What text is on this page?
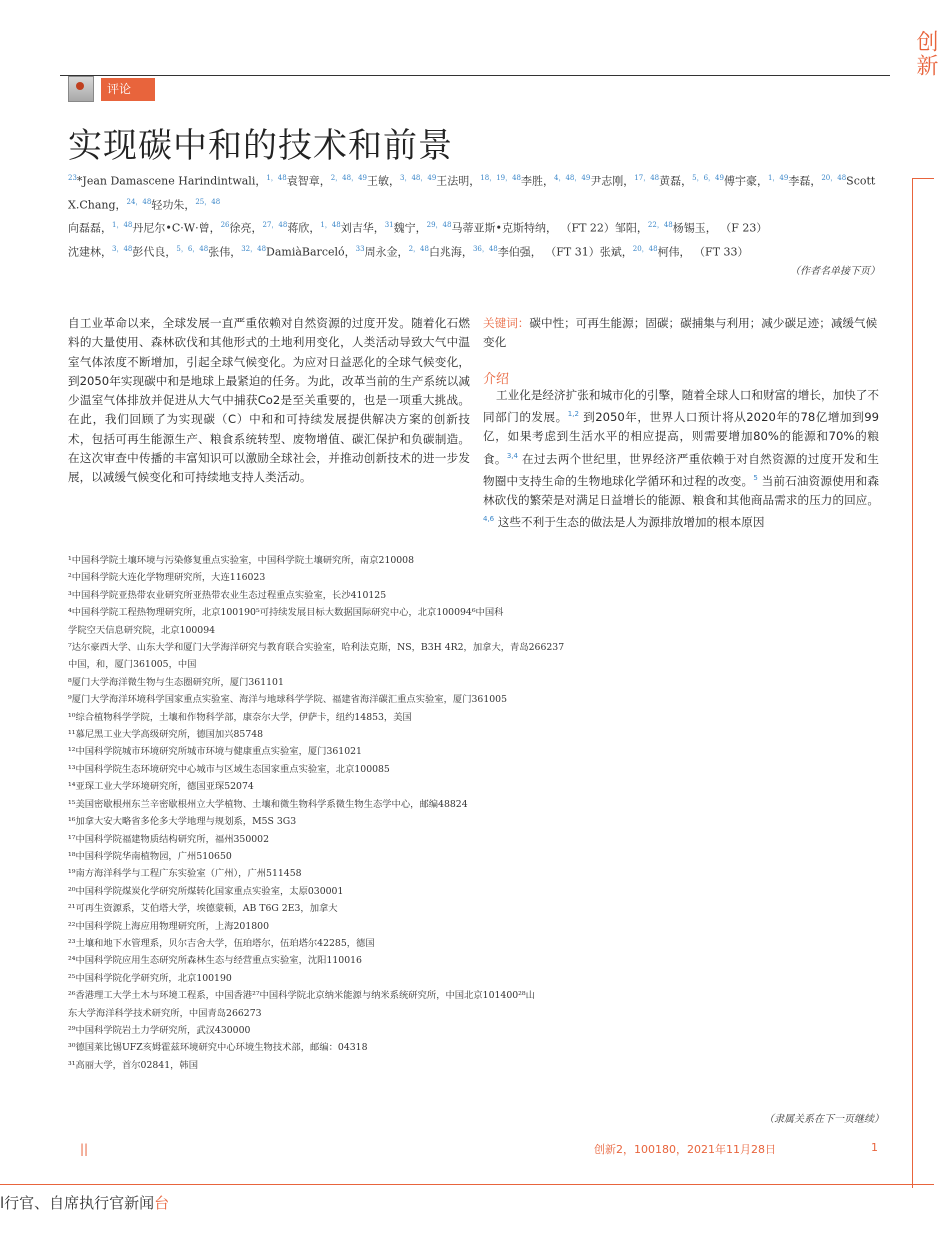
创新
评论
实现碳中和的技术和前景
$^{23}$*Jean Damascene Harindintwali，$^{1,48}$袁智章，$^{2,48,49}$王敏，$^{3,48,49}$王法明，$^{18,19,48}$李胜，$^{4,48,49}$尹志刚，$^{17,48}$黄磊，$^{5,6,49}$傅宇豪，$^{1,49}$李磊，$^{20,48}$Scott
X.Chang，$^{24,48}$轻功朱，$^{25,48}$
向磊磊，$^{1,48}$丹尼尔•C·W·曾，$^{26}$徐亮，$^{27,48}$蒋欣，$^{1,48}$刘吉华，$^{31}$魏宁，$^{29,48}$马蒂亚斯•克斯特纳， （FT 22）邹阳，$^{22,48}$杨锡玉， （F 23）
沈建林，$^{3,48}$彭代良，$^{5,6,48}$张伟，$^{32,48}$DamiàBarceló，$^{33}$周永金，$^{2,48}$白兆海，$^{36,48}$李伯强， （FT 31）张斌，$^{20,48}$柯伟， （FT 33）
（作者名单接下页）
自工业革命以来，全球发展一直严重依赖对自然资源的过度开发。随着化石燃料的大量使用、森林砍伐和其他形式的土地利用变化，人类活动导致大气中温室气体浓度不断增加，引起全球气候变化。为应对日益恶化的全球气候变化，到2050年实现碳中和是地球上最紧迫的任务。为此，改革当前的生产系统以减少温室气体排放并促进从大气中捕获Co2是至关重要的，也是一项重大挑战。在此，我们回顾了为实现碳（C）中和和可持续发展提供解决方案的创新技术，包括可再生能源生产、粮食系统转型、废物增值、碳汇保护和负碳制造。 在这次审查中传播的丰富知识可以激励全球社会，并推动创新技术的进一步发展，以减缓气候变化和可持续地支持人类活动。
关键词：碳中性；可再生能源；固碳；碳捕集与利用；减少碳足迹；减缓气候变化
介绍
工业化是经济扩张和城市化的引擎，随着全球人口和财富的增长，加快了不同部门的发展。$^{1,2}$ 到2050年，世界人口预计将从2020年的78亿增加到99亿，如果考虑到生活水平的相应提高，则需要增加80%的能源和70%的粮食。$^{3,4}$ 在过去两个世纪里，世界经济严重依赖于对自然资源的过度开发和生物圈中支持生命的生物地球化学循环和过程的改变。$^5$ 当前石油资源使用和森林砍伐的繁荣是对满足日益增长的能源、粮食和其他商品需求的压力的回应。$^{4,6}$ 这些不利于生态的做法是人为源排放增加的根本原因
¹中国科学院土壤环境与污染修复重点实验室，中国科学院土壤研究所，南京210008
²中国科学院大连化学物理研究所，大连116023
³中国科学院亚热带农业研究所亚热带农业生态过程重点实验室，长沙410125
⁴中国科学院工程热物理研究所，北京100190⁵可持续发展目标大数据国际研究中心，北京100094⁶中国科
学院空天信息研究院，北京100094
⁷达尔豪西大学、山东大学和厦门大学海洋研究与教育联合实验室，哈利法克斯，NS，B3H 4R2，加拿大，青岛266237
中国，和，厦门361005，中国
⁸厦门大学海洋微生物与生态圈研究所，厦门361101
⁹厦门大学海洋环境科学国家重点实验室、海洋与地球科学学院、福建省海洋碳汇重点实验室，厦门361005
¹⁰综合植物科学学院，土壤和作物科学部，康奈尔大学，伊萨卡，纽约14853，美国
¹¹慕尼黑工业大学高级研究所，德国加兴85748
¹²中国科学院城市环境研究所城市环境与健康重点实验室，厦门361021
¹³中国科学院生态环境研究中心城市与区域生态国家重点实验室，北京100085
¹⁴亚琛工业大学环境研究所，德国亚琛52074
¹⁵美国密歇根州东兰辛密歇根州立大学植物、土壤和微生物科学系微生物生态学中心，邮编48824
¹⁶加拿大安大略省多伦多大学地理与规划系，M5S 3G3
¹⁷中国科学院福建物质结构研究所，福州350002
¹⁸中国科学院华南植物园，广州510650
¹⁹南方海洋科学与工程广东实验室（广州），广州511458
²⁰中国科学院煤炭化学研究所煤转化国家重点实验室，太原030001
²¹可再生资源系，艾伯塔大学，埃德蒙顿，AB T6G 2E3，加拿大
²²中国科学院上海应用物理研究所，上海201800
²³土壤和地下水管理系，贝尔吉舍大学，伍珀塔尔，伍珀塔尔42285，德国
²⁴中国科学院应用生态研究所森林生态与经营重点实验室，沈阳110016
²⁵中国科学院化学研究所，北京100190
²⁶香港理工大学土木与环境工程系，中国香港²⁷中国科学院北京纳米能源与纳米系统研究所，中国北京101400²⁸山
东大学海洋科学技术研究所，中国青岛266273
²⁹中国科学院岩土力学研究所，武汉430000
³⁰德国莱比锡UFZ亥姆霍兹环境研究中心环境生物技术部，邮编：04318
³¹高丽大学，首尔02841，韩国
（隶属关系在下一页继续）
||	创新2，100180，2021年11月28日	1
l行官、自席执行官新闻台
